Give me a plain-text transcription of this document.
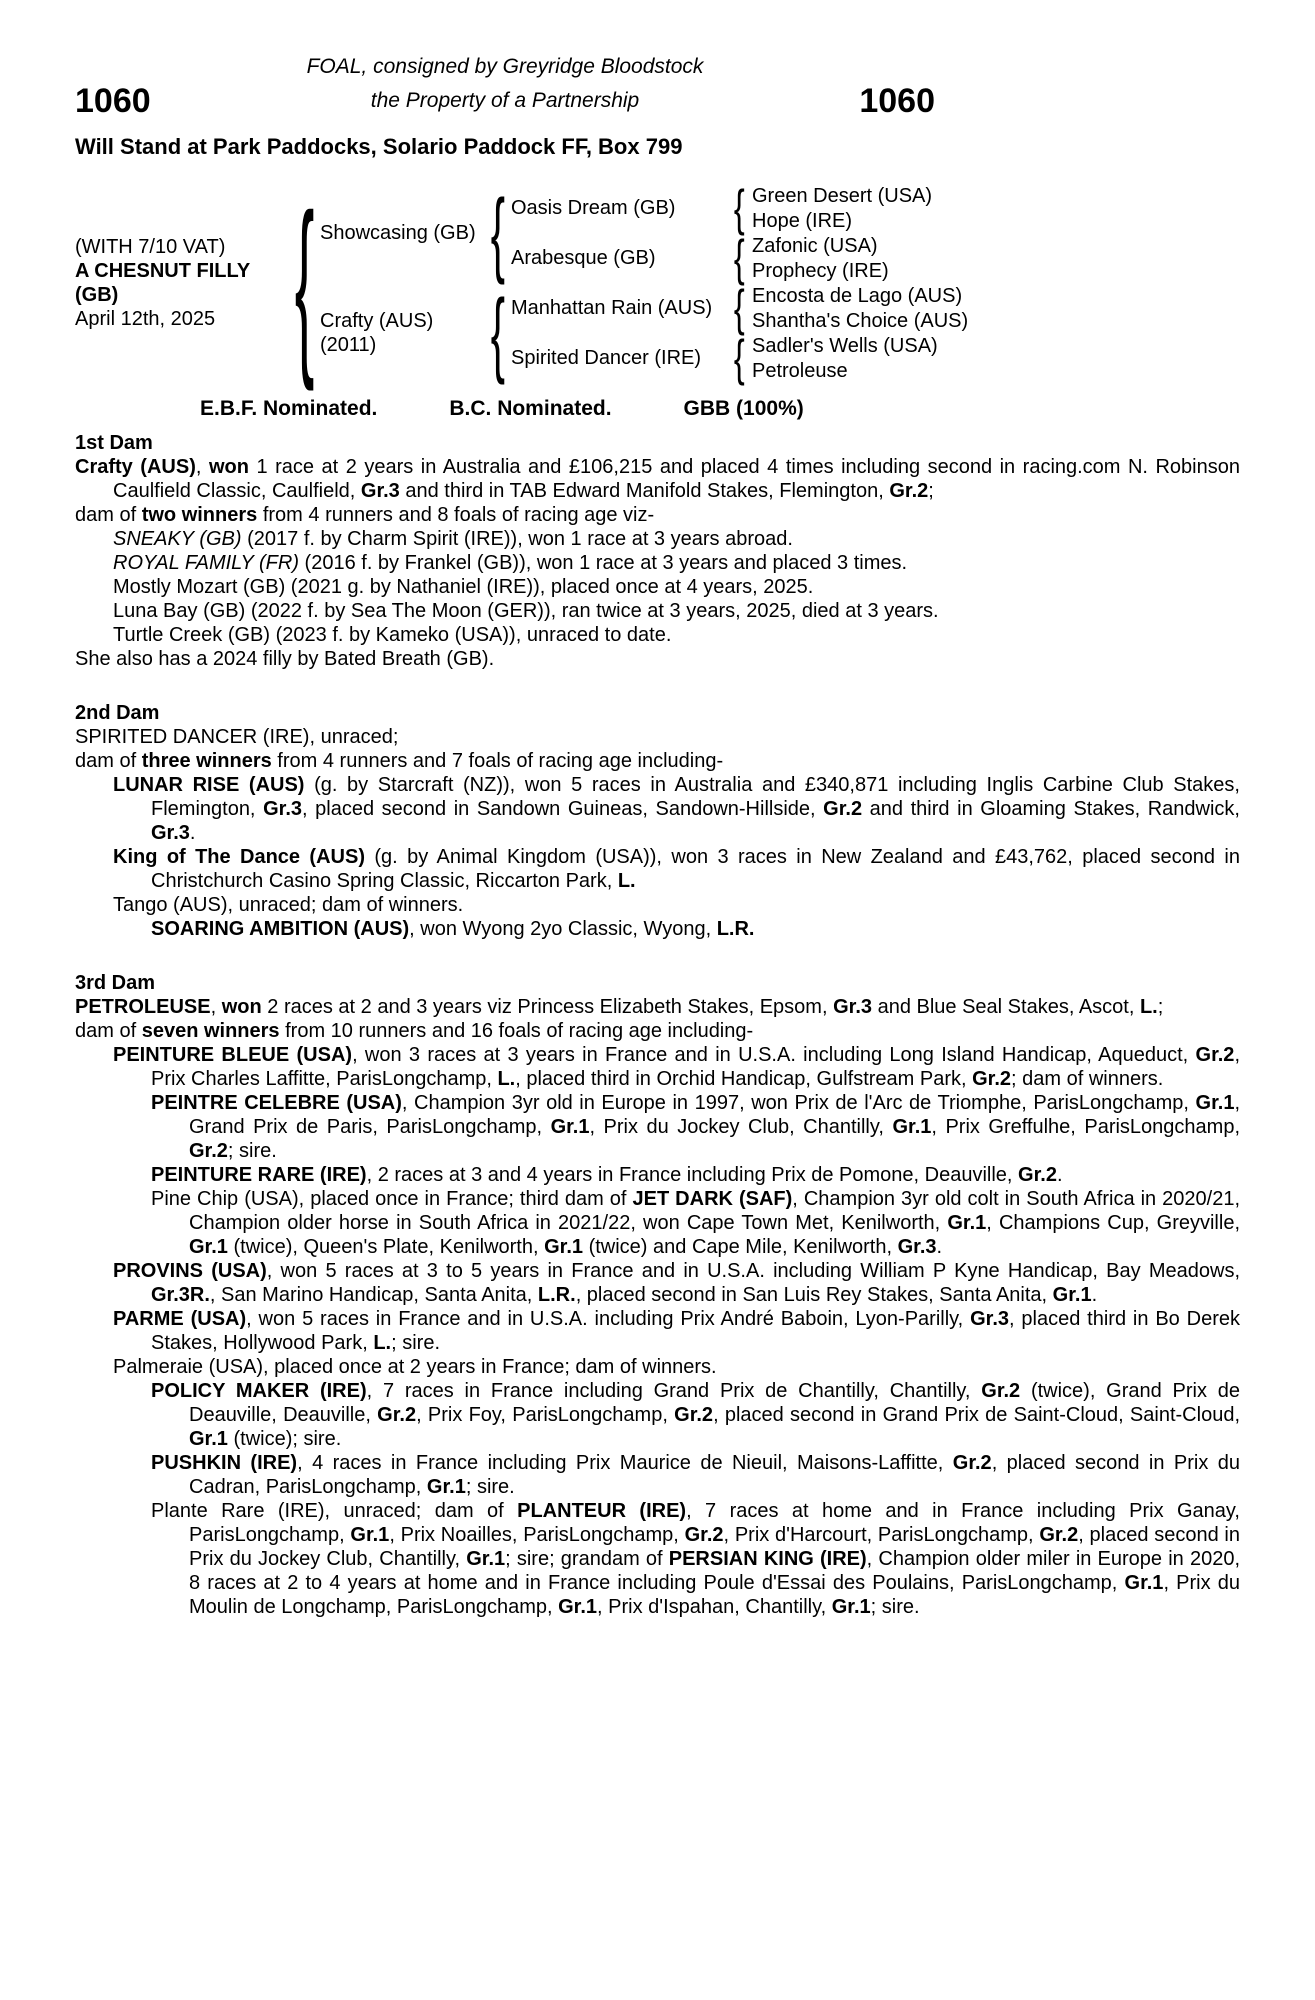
FOAL, consigned by Greyridge Bloodstock
1060	the Property of a Partnership	1060
Will Stand at Park Paddocks, Solario Paddock FF, Box 799
(WITH 7/10 VAT)
A CHESNUT FILLY
(GB)
April 12th, 2025 { Showcasing (GB)
Crafty (AUS)
(2011)
{
{
Oasis Dream (GB)
Arabesque (GB)
Manhattan Rain (AUS)
Spirited Dancer (IRE)
{
{
{
{
Green Desert (USA)
Hope (IRE)
Zafonic (USA)
Prophecy (IRE)
Encosta de Lago (AUS)
Shantha's Choice (AUS)
Sadler's Wells (USA)
Petroleuse
E.B.F. Nominated.	B.C. Nominated.	GBB (100%)
1st Dam
Crafty (AUS), won 1 race at 2 years in Australia and £106,215 and placed 4 times including second in racing.com N. Robinson Caulfield Classic, Caulfield, Gr.3 and third in TAB Edward Manifold Stakes, Flemington, Gr.2;
dam of two winners from 4 runners and 8 foals of racing age viz-
SNEAKY (GB) (2017 f. by Charm Spirit (IRE)), won 1 race at 3 years abroad.
ROYAL FAMILY (FR) (2016 f. by Frankel (GB)), won 1 race at 3 years and placed 3 times.
Mostly Mozart (GB) (2021 g. by Nathaniel (IRE)), placed once at 4 years, 2025.
Luna Bay (GB) (2022 f. by Sea The Moon (GER)), ran twice at 3 years, 2025, died at 3 years.
Turtle Creek (GB) (2023 f. by Kameko (USA)), unraced to date.
She also has a 2024 filly by Bated Breath (GB).
2nd Dam
SPIRITED DANCER (IRE), unraced;
dam of three winners from 4 runners and 7 foals of racing age including-
LUNAR RISE (AUS) (g. by Starcraft (NZ)), won 5 races in Australia and £340,871 including Inglis Carbine Club Stakes, Flemington, Gr.3, placed second in Sandown Guineas, Sandown-Hillside, Gr.2 and third in Gloaming Stakes, Randwick, Gr.3.
King of The Dance (AUS) (g. by Animal Kingdom (USA)), won 3 races in New Zealand and £43,762, placed second in Christchurch Casino Spring Classic, Riccarton Park, L.
Tango (AUS), unraced; dam of winners.
SOARING AMBITION (AUS), won Wyong 2yo Classic, Wyong, L.R.
3rd Dam
PETROLEUSE, won 2 races at 2 and 3 years viz Princess Elizabeth Stakes, Epsom, Gr.3 and Blue Seal Stakes, Ascot, L.;
dam of seven winners from 10 runners and 16 foals of racing age including-
PEINTURE BLEUE (USA), won 3 races at 3 years in France and in U.S.A. including Long Island Handicap, Aqueduct, Gr.2, Prix Charles Laffitte, ParisLongchamp, L., placed third in Orchid Handicap, Gulfstream Park, Gr.2; dam of winners.
PEINTRE CELEBRE (USA), Champion 3yr old in Europe in 1997, won Prix de l'Arc de Triomphe, ParisLongchamp, Gr.1, Grand Prix de Paris, ParisLongchamp, Gr.1, Prix du Jockey Club, Chantilly, Gr.1, Prix Greffulhe, ParisLongchamp, Gr.2; sire.
PEINTURE RARE (IRE), 2 races at 3 and 4 years in France including Prix de Pomone, Deauville, Gr.2.
Pine Chip (USA), placed once in France; third dam of JET DARK (SAF), Champion 3yr old colt in South Africa in 2020/21, Champion older horse in South Africa in 2021/22, won Cape Town Met, Kenilworth, Gr.1, Champions Cup, Greyville, Gr.1 (twice), Queen's Plate, Kenilworth, Gr.1 (twice) and Cape Mile, Kenilworth, Gr.3.
PROVINS (USA), won 5 races at 3 to 5 years in France and in U.S.A. including William P Kyne Handicap, Bay Meadows, Gr.3R., San Marino Handicap, Santa Anita, L.R., placed second in San Luis Rey Stakes, Santa Anita, Gr.1.
PARME (USA), won 5 races in France and in U.S.A. including Prix André Baboin, Lyon-Parilly, Gr.3, placed third in Bo Derek Stakes, Hollywood Park, L.; sire.
Palmeraie (USA), placed once at 2 years in France; dam of winners.
POLICY MAKER (IRE), 7 races in France including Grand Prix de Chantilly, Chantilly, Gr.2 (twice), Grand Prix de Deauville, Deauville, Gr.2, Prix Foy, ParisLongchamp, Gr.2, placed second in Grand Prix de Saint-Cloud, Saint-Cloud, Gr.1 (twice); sire.
PUSHKIN (IRE), 4 races in France including Prix Maurice de Nieuil, Maisons-Laffitte, Gr.2, placed second in Prix du Cadran, ParisLongchamp, Gr.1; sire.
Plante Rare (IRE), unraced; dam of PLANTEUR (IRE), 7 races at home and in France including Prix Ganay, ParisLongchamp, Gr.1, Prix Noailles, ParisLongchamp, Gr.2, Prix d'Harcourt, ParisLongchamp, Gr.2, placed second in Prix du Jockey Club, Chantilly, Gr.1; sire; grandam of PERSIAN KING (IRE), Champion older miler in Europe in 2020, 8 races at 2 to 4 years at home and in France including Poule d'Essai des Poulains, ParisLongchamp, Gr.1, Prix du Moulin de Longchamp, ParisLongchamp, Gr.1, Prix d'Ispahan, Chantilly, Gr.1; sire.
